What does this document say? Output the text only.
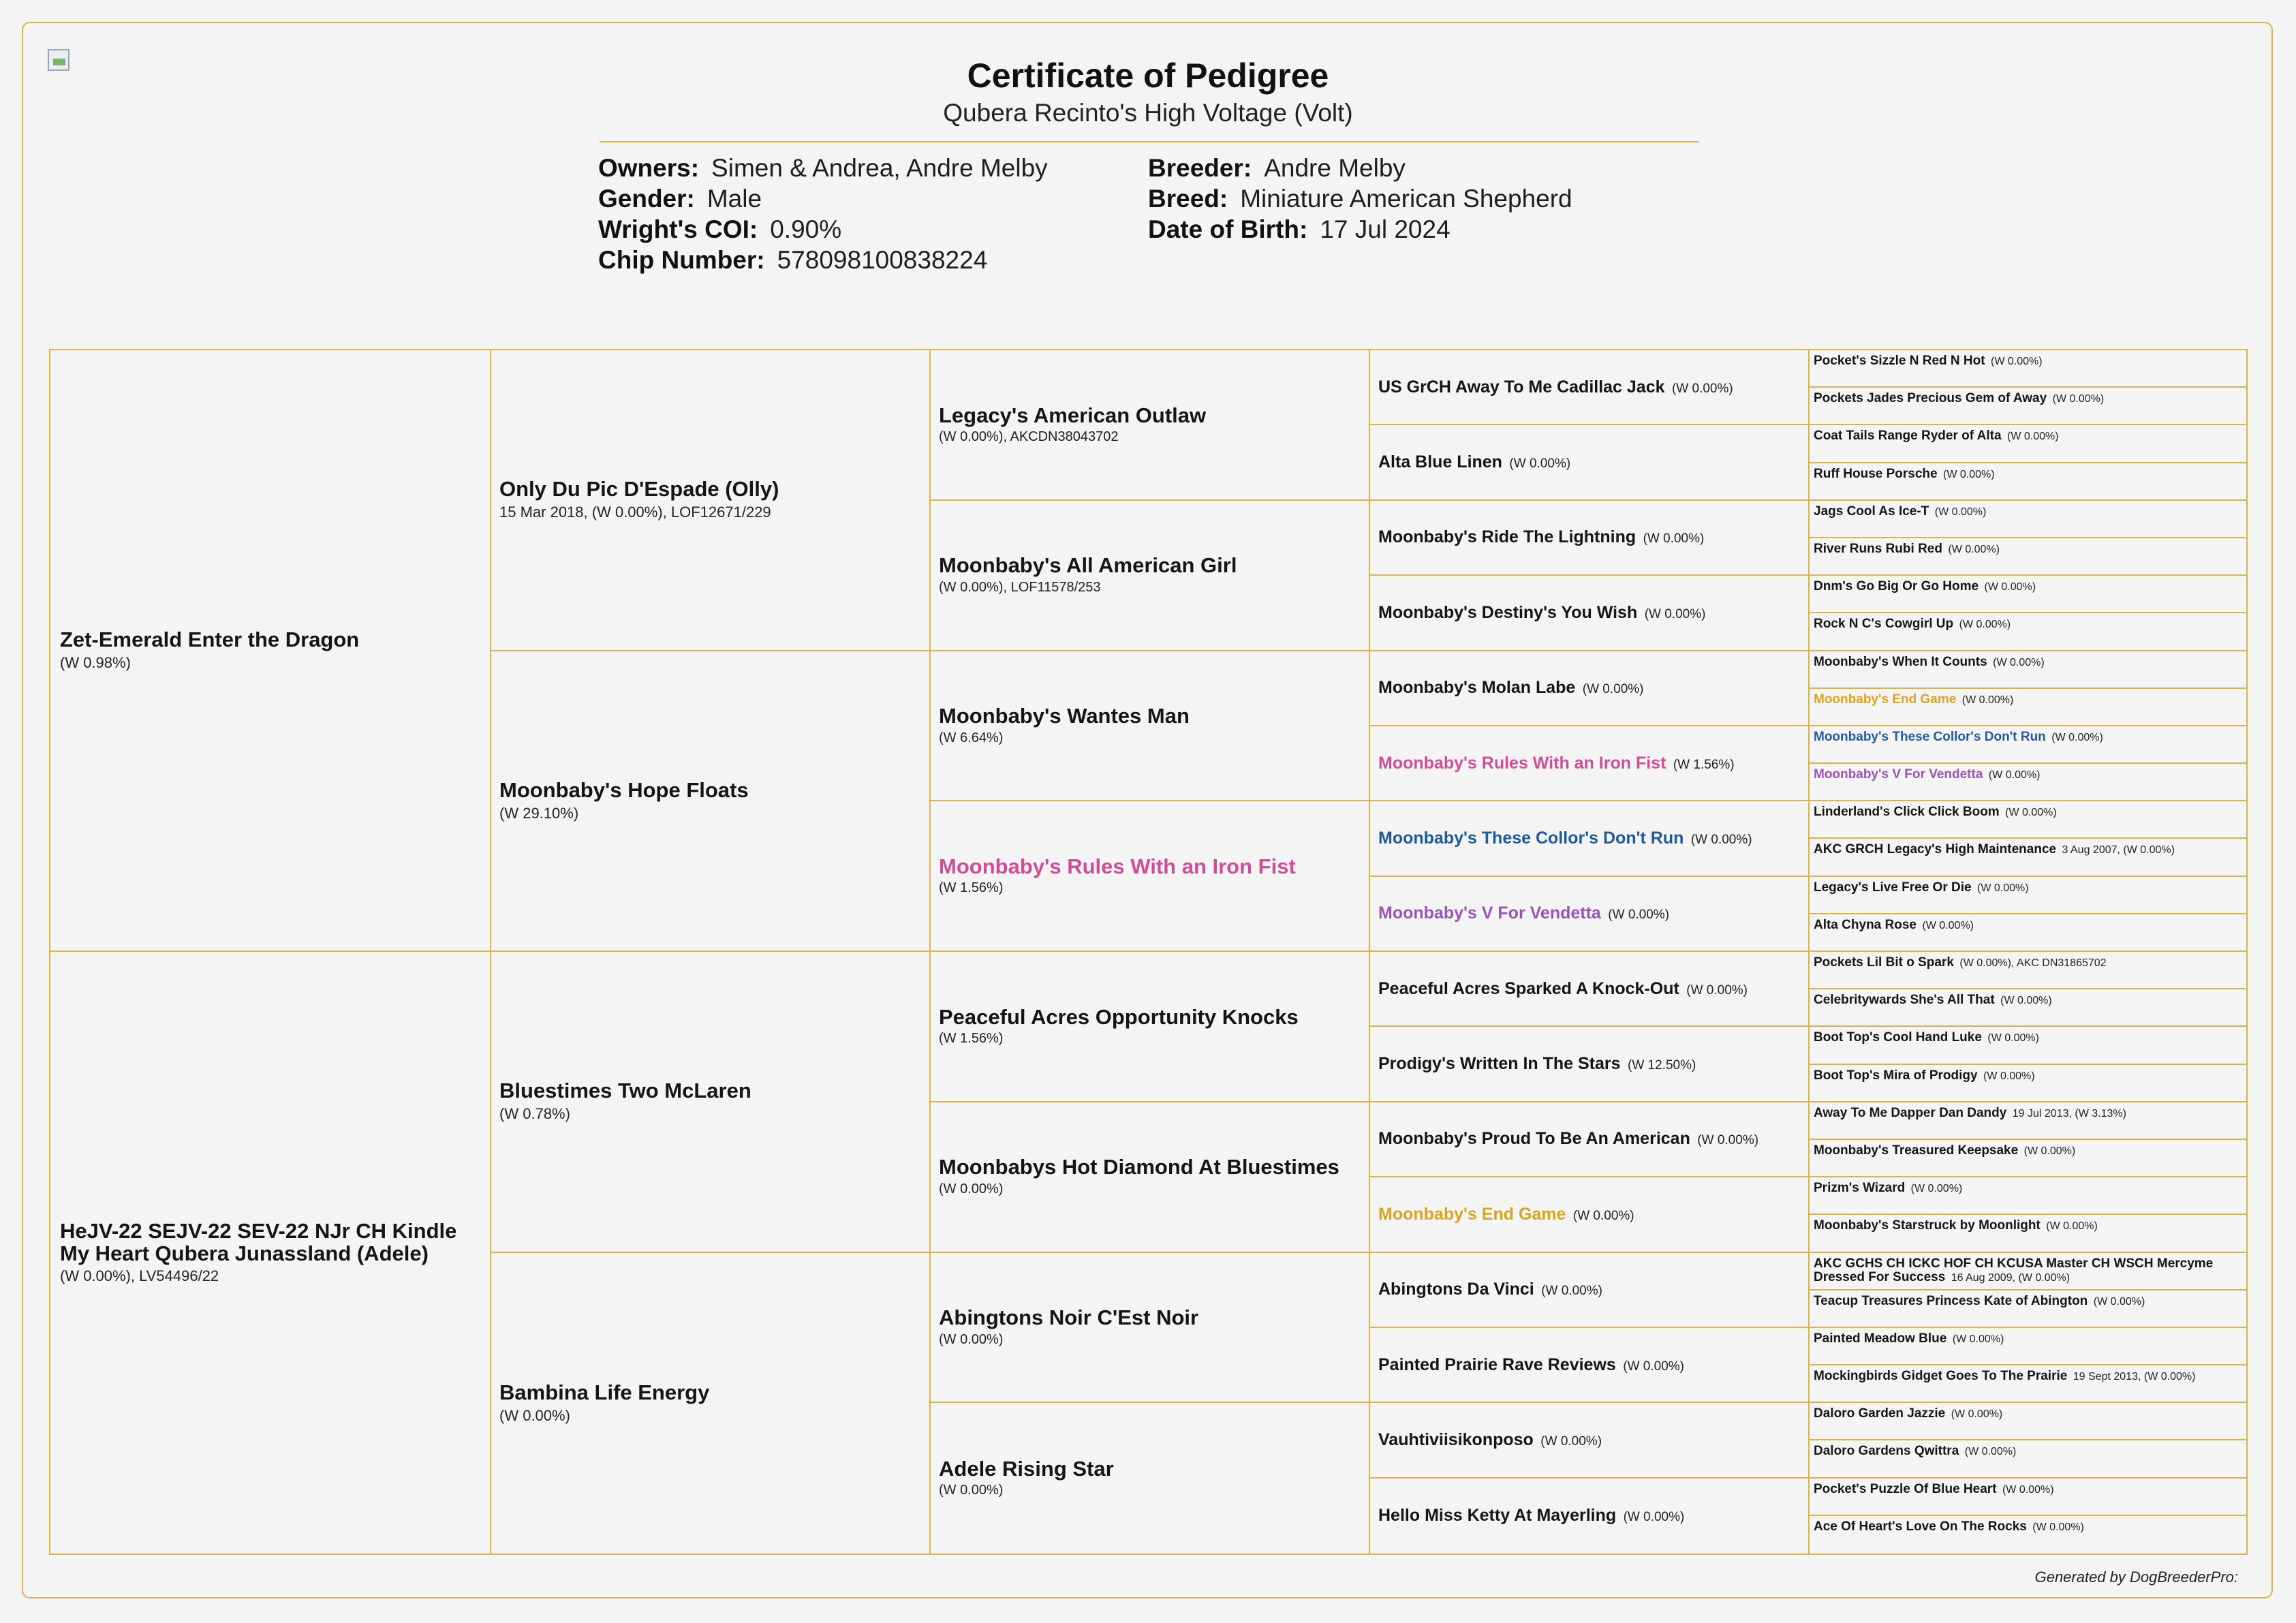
Certificate of Pedigree
Qubera Recinto's High Voltage (Volt)
Owners: Simen & Andrea, Andre Melby
Gender: Male
Wright's COI: 0.90%
Chip Number: 578098100838224
Breeder: Andre Melby
Breed: Miniature American Shepherd
Date of Birth: 17 Jul 2024
Zet-Emerald Enter the Dragon
(W 0.98%)
HeJV-22 SEJV-22 SEV-22 NJr CH Kindle My Heart Qubera Junassland (Adele)
(W 0.00%), LV54496/22
Only Du Pic D'Espade (Olly)
15 Mar 2018, (W 0.00%), LOF12671/229
Moonbaby's Hope Floats
(W 29.10%)
Bluestimes Two McLaren
(W 0.78%)
Bambina Life Energy
(W 0.00%)
Legacy's American Outlaw
(W 0.00%), AKCDN38043702
Moonbaby's All American Girl
(W 0.00%), LOF11578/253
Moonbaby's Wantes Man
(W 6.64%)
Moonbaby's Rules With an Iron Fist
(W 1.56%)
Peaceful Acres Opportunity Knocks
(W 1.56%)
Moonbabys Hot Diamond At Bluestimes
(W 0.00%)
Abingtons Noir C'Est Noir
(W 0.00%)
Adele Rising Star
(W 0.00%)
US GrCH Away To Me Cadillac Jack (W 0.00%)
Alta Blue Linen (W 0.00%)
Moonbaby's Ride The Lightning (W 0.00%)
Moonbaby's Destiny's You Wish (W 0.00%)
Moonbaby's Molan Labe (W 0.00%)
Moonbaby's Rules With an Iron Fist (W 1.56%)
Moonbaby's These Collor's Don't Run (W 0.00%)
Moonbaby's V For Vendetta (W 0.00%)
Peaceful Acres Sparked A Knock-Out (W 0.00%)
Prodigy's Written In The Stars (W 12.50%)
Moonbaby's Proud To Be An American (W 0.00%)
Moonbaby's End Game (W 0.00%)
Abingtons Da Vinci (W 0.00%)
Painted Prairie Rave Reviews (W 0.00%)
Vauhtiviisikonposo (W 0.00%)
Hello Miss Ketty At Mayerling (W 0.00%)
Pocket's Sizzle N Red N Hot (W 0.00%)
Pockets Jades Precious Gem of Away (W 0.00%)
Coat Tails Range Ryder of Alta (W 0.00%)
Ruff House Porsche (W 0.00%)
Jags Cool As Ice-T (W 0.00%)
River Runs Rubi Red (W 0.00%)
Dnm's Go Big Or Go Home (W 0.00%)
Rock N C's Cowgirl Up (W 0.00%)
Moonbaby's When It Counts (W 0.00%)
Moonbaby's End Game (W 0.00%)
Moonbaby's These Collor's Don't Run (W 0.00%)
Moonbaby's V For Vendetta (W 0.00%)
Linderland's Click Click Boom (W 0.00%)
AKC GRCH Legacy's High Maintenance 3 Aug 2007, (W 0.00%)
Legacy's Live Free Or Die (W 0.00%)
Alta Chyna Rose (W 0.00%)
Pockets Lil Bit o Spark (W 0.00%), AKC DN31865702
Celebritywards She's All That (W 0.00%)
Boot Top's Cool Hand Luke (W 0.00%)
Boot Top's Mira of Prodigy (W 0.00%)
Away To Me Dapper Dan Dandy 19 Jul 2013, (W 3.13%)
Moonbaby's Treasured Keepsake (W 0.00%)
Prizm's Wizard (W 0.00%)
Moonbaby's Starstruck by Moonlight (W 0.00%)
AKC GCHS CH ICKC HOF CH KCUSA Master CH WSCH Mercyme Dressed For Success 16 Aug 2009, (W 0.00%)
Teacup Treasures Princess Kate of Abington (W 0.00%)
Painted Meadow Blue (W 0.00%)
Mockingbirds Gidget Goes To The Prairie 19 Sept 2013, (W 0.00%)
Daloro Garden Jazzie (W 0.00%)
Daloro Gardens Qwittra (W 0.00%)
Pocket's Puzzle Of Blue Heart (W 0.00%)
Ace Of Heart's Love On The Rocks (W 0.00%)
Generated by DogBreederPro:
